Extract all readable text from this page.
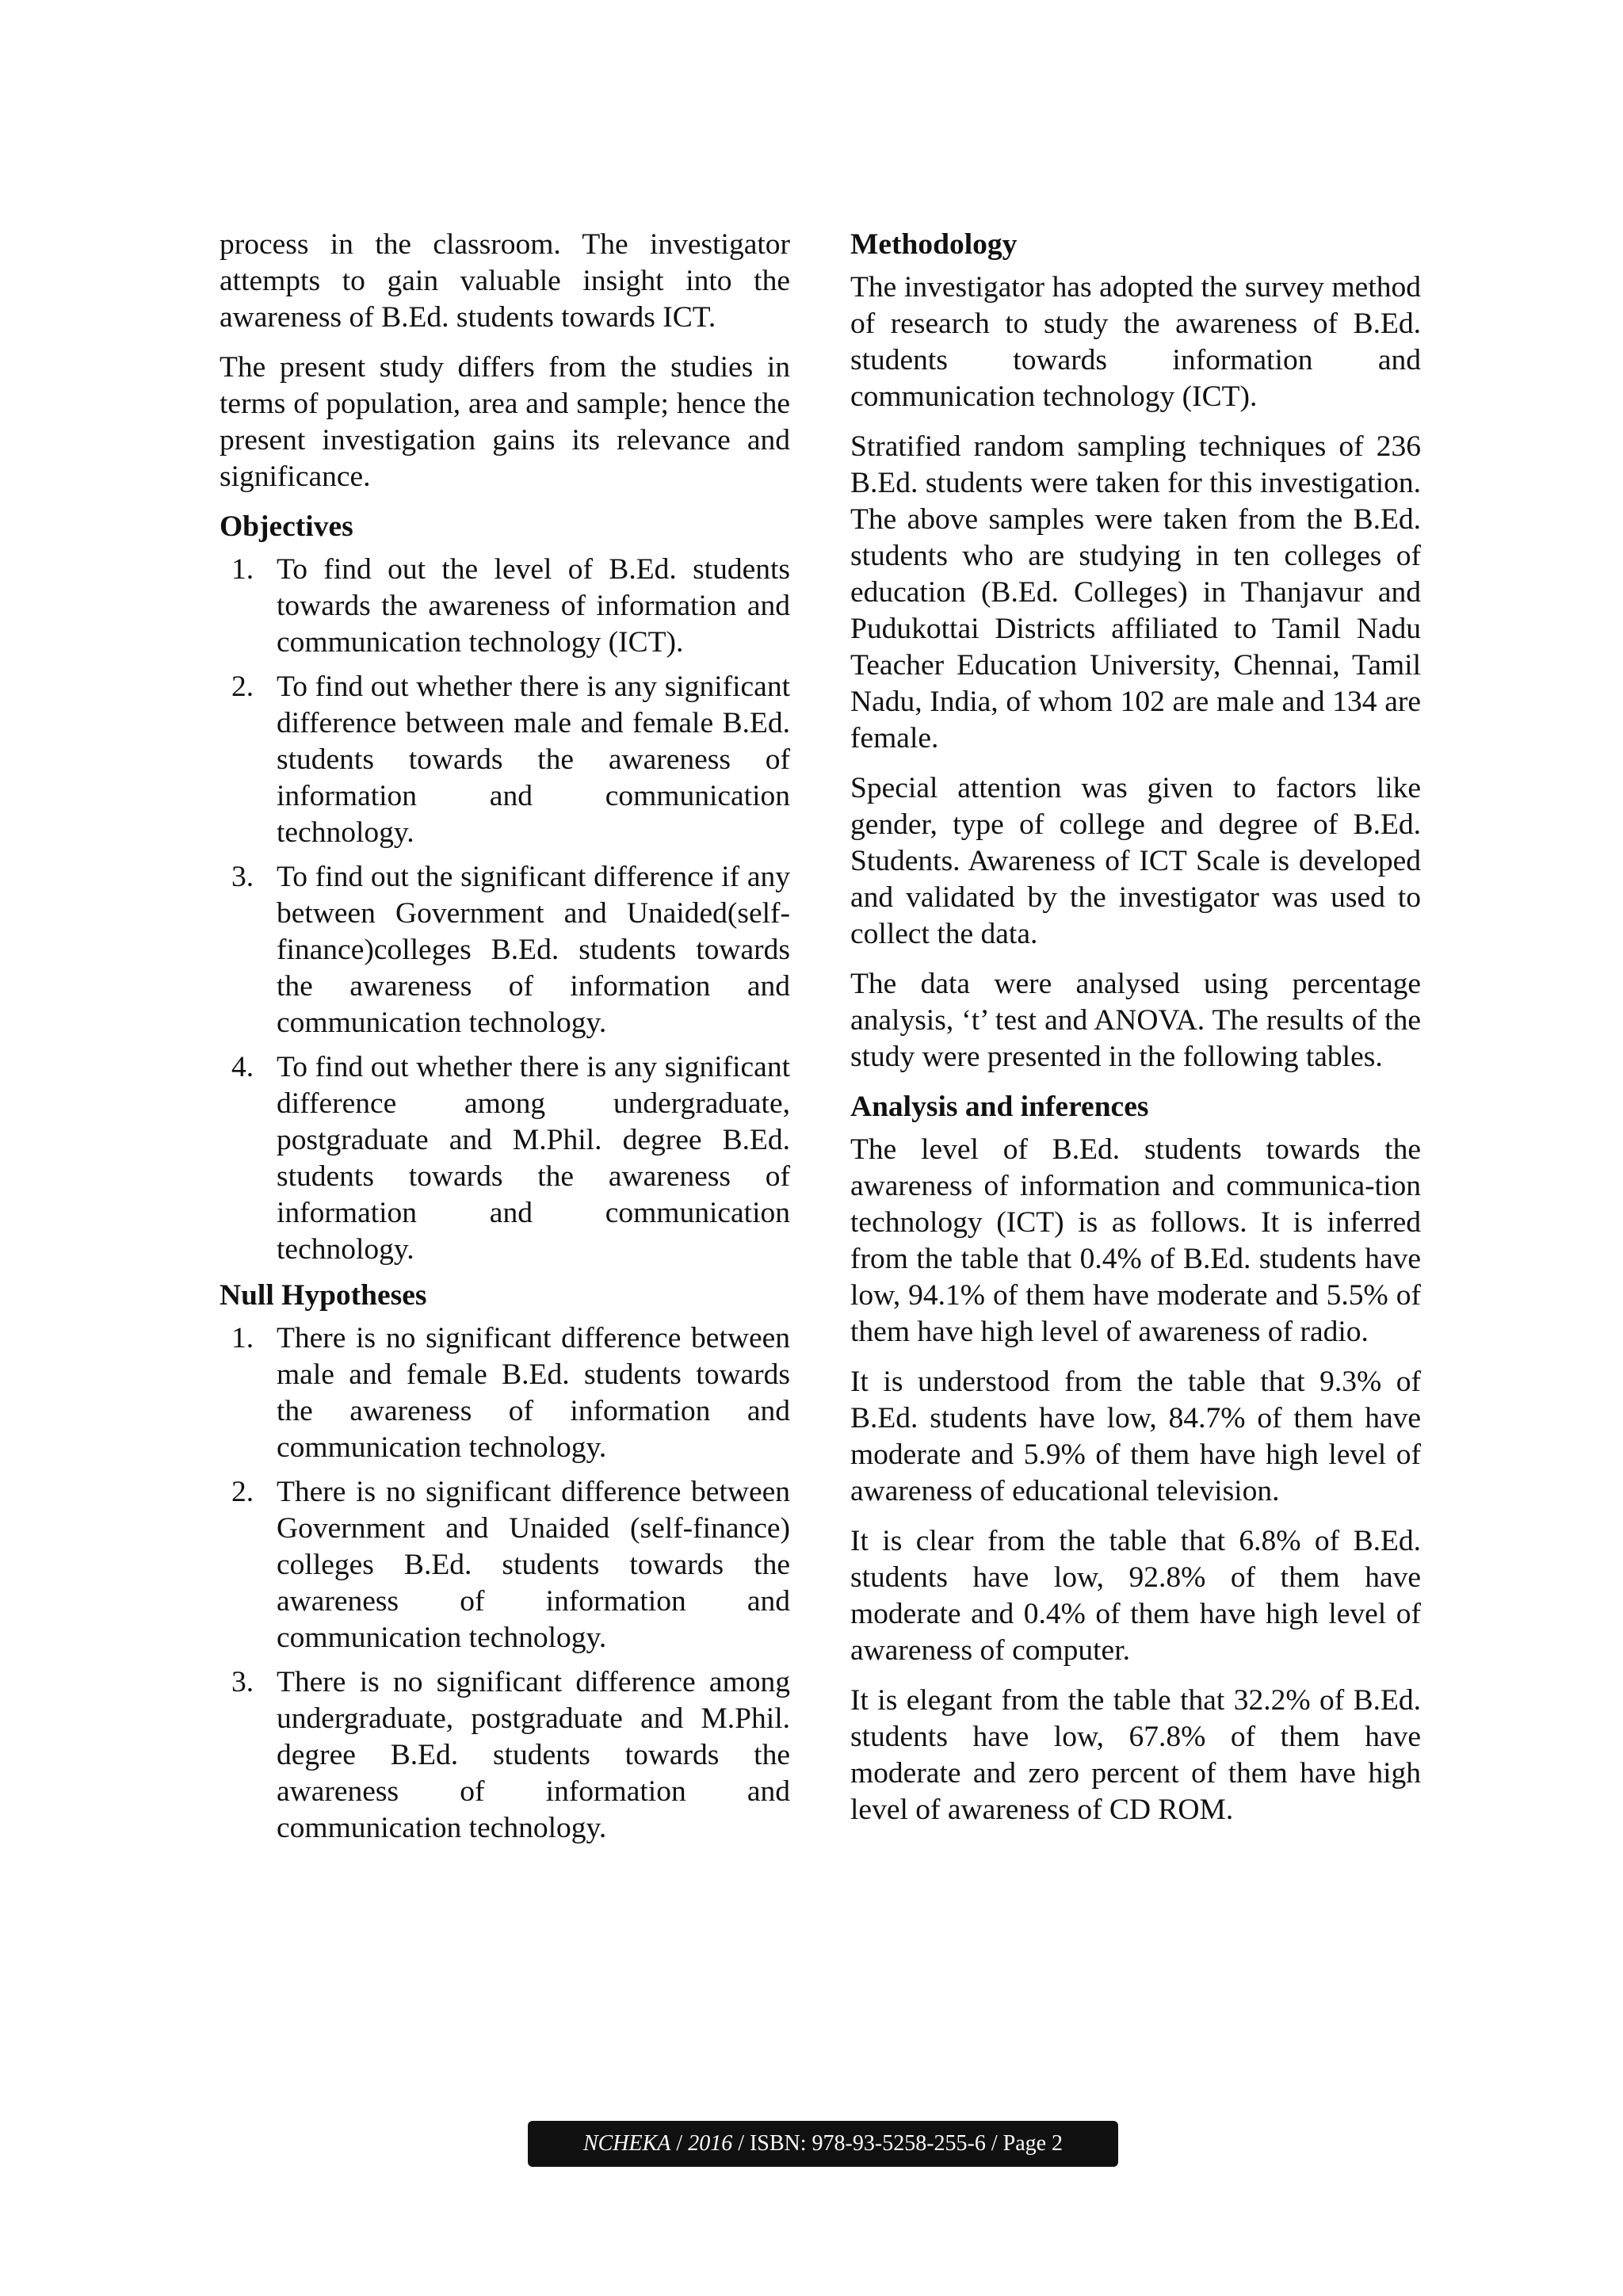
process in the classroom. The investigator attempts to gain valuable insight into the awareness of B.Ed. students towards ICT.

The present study differs from the studies in terms of population, area and sample; hence the present investigation gains its relevance and significance.

Objectives
1. To find out the level of B.Ed. students towards the awareness of information and communication technology (ICT).
2. To find out whether there is any significant difference between male and female B.Ed. students towards the awareness of information and communication technology.
3. To find out the significant difference if any between Government and Unaided(self-finance)colleges B.Ed. students towards the awareness of information and communication technology.
4. To find out whether there is any significant difference among undergraduate, postgraduate and M.Phil. degree B.Ed. students towards the awareness of information and communication technology.
Null Hypotheses
1. There is no significant difference between male and female B.Ed. students towards the awareness of information and communication technology.
2. There is no significant difference between Government and Unaided (self-finance) colleges B.Ed. students towards the awareness of information and communication technology.
3. There is no significant difference among undergraduate, postgraduate and M.Phil. degree B.Ed. students towards the awareness of information and communication technology.
Methodology

The investigator has adopted the survey method of research to study the awareness of B.Ed. students towards information and communication technology (ICT).

Stratified random sampling techniques of 236 B.Ed. students were taken for this investigation. The above samples were taken from the B.Ed. students who are studying in ten colleges of education (B.Ed. Colleges) in Thanjavur and Pudukottai Districts affiliated to Tamil Nadu Teacher Education University, Chennai, Tamil Nadu, India, of whom 102 are male and 134 are female.

Special attention was given to factors like gender, type of college and degree of B.Ed. Students. Awareness of ICT Scale is developed and validated by the investigator was used to collect the data.

The data were analysed using percentage analysis, ‘t’ test and ANOVA. The results of the study were presented in the following tables.

Analysis and inferences

The level of B.Ed. students towards the awareness of information and communica-tion technology (ICT) is as follows. It is inferred from the table that 0.4% of B.Ed. students have low, 94.1% of them have moderate and 5.5% of them have high level of awareness of radio.

It is understood from the table that 9.3% of B.Ed. students have low, 84.7% of them have moderate and 5.9% of them have high level of awareness of educational television.

It is clear from the table that 6.8% of B.Ed. students have low, 92.8% of them have moderate and 0.4% of them have high level of awareness of computer.

It is elegant from the table that 32.2% of B.Ed. students have low, 67.8% of them have moderate and zero percent of them have high level of awareness of CD ROM.

NCHEKA / 2016 / ISBN: 978-93-5258-255-6 / Page 2
